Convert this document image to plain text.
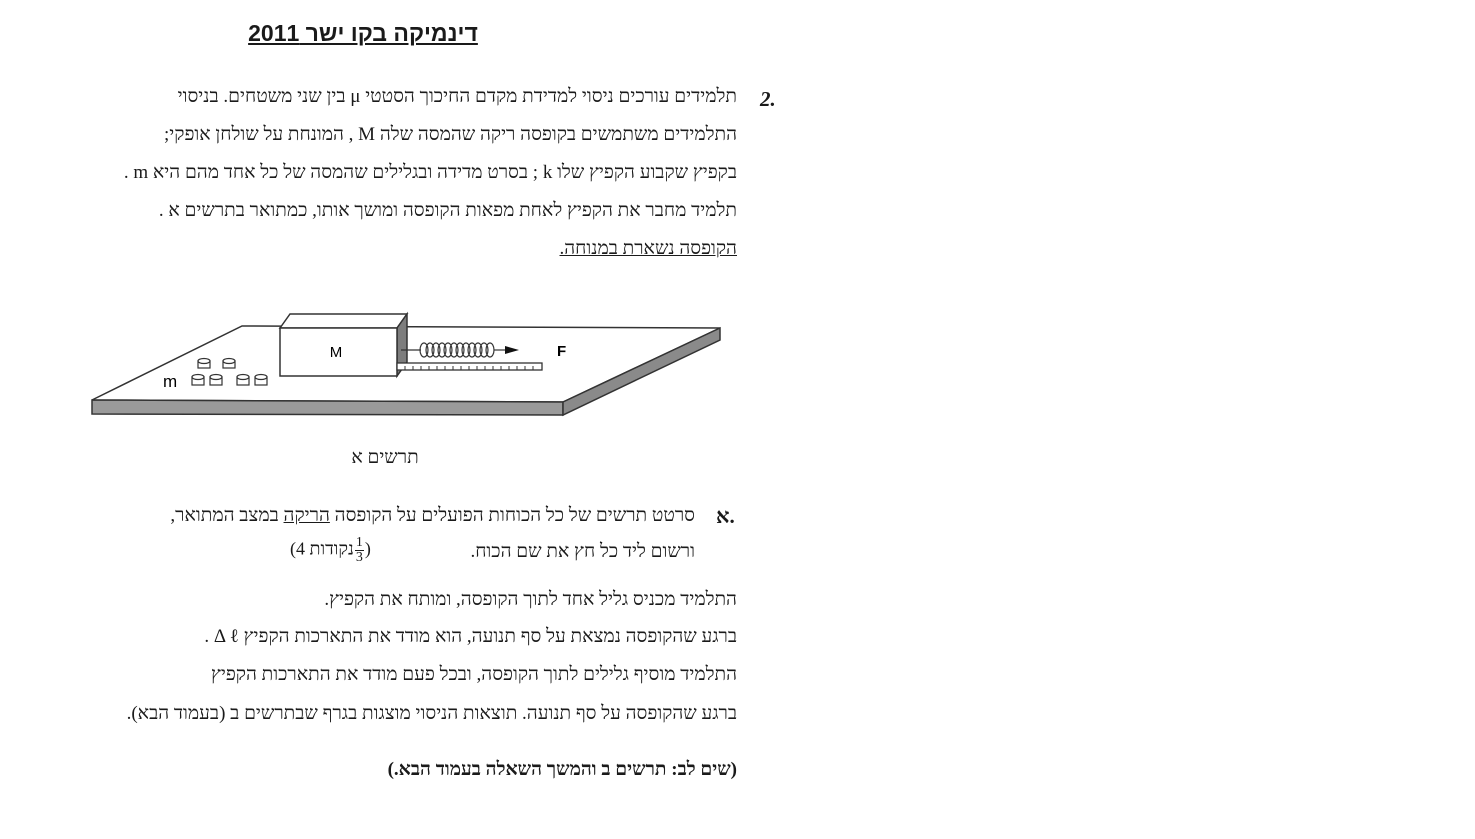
דינמיקה בקו ישר 2011
2.
תלמידים עורכים ניסוי למדידת מקדם החיכוך הסטטי μ בין שני משטחים. בניסוי
התלמידים משתמשים בקופסה ריקה שהמסה שלה M , המונחת על שולחן אופקי;
בקפיץ שקבוע הקפיץ שלו k ; בסרט מדידה ובגלילים שהמסה של כל אחד מהם היא m .
תלמיד מחבר את הקפיץ לאחת מפאות הקופסה ומושך אותו, כמתואר בתרשים א .
הקופסה נשארת במנוחה.
M	F
m
תרשים א
א.
סרטט תרשים של כל הכוחות הפועלים על הקופסה הריקה במצב המתואר,
ורשום ליד כל חץ את שם הכוח.
( נקודות 4	$\frac{1}{3}$ )
התלמיד מכניס גליל אחד לתוך הקופסה, ומותח את הקפיץ.
ברגע שהקופסה נמצאת על סף תנועה, הוא מודד את התארכות הקפיץ Δ ℓ .
התלמיד מוסיף גלילים לתוך הקופסה, ובכל פעם מודד את התארכות הקפיץ
ברגע שהקופסה על סף תנועה. תוצאות הניסוי מוצגות בגרף שבתרשים ב (בעמוד הבא).
(שים לב: תרשים ב והמשך השאלה בעמוד הבא.)
